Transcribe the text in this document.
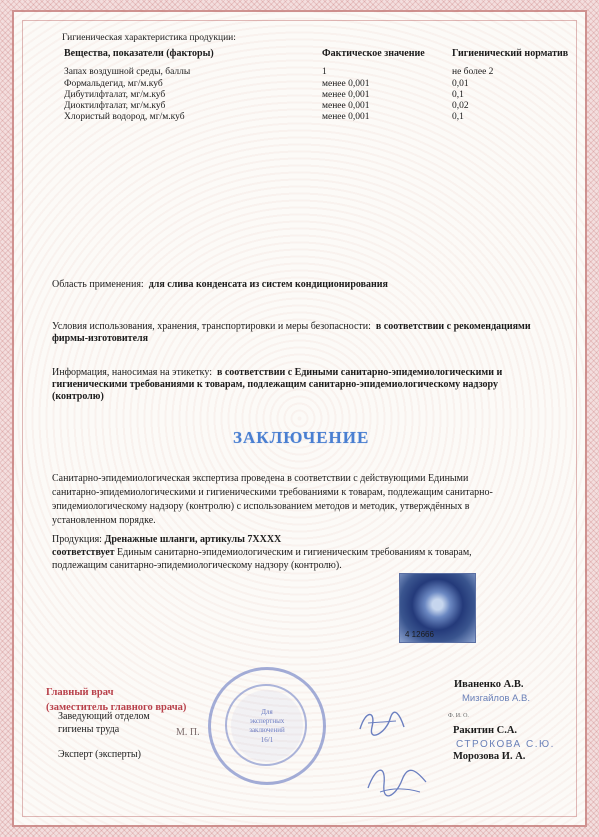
Гигиеническая характеристика продукции:
Вещества, показатели (факторы)	Фактическое значение	Гигиенический норматив
Запах воздушной среды, баллы	1	не более 2
Формальдегид, мг/м.куб	менее 0,001	0,01
Дибутилфталат, мг/м.куб	менее 0,001	0,1
Диоктилфталат, мг/м.куб	менее 0,001	0,02
Хлористый водород, мг/м.куб	менее 0,001	0,1
Область применения: для слива конденсата из систем кондиционирования
Условия использования, хранения, транспортировки и меры безопасности: в соответствии с рекомендациями
фирмы-изготовителя
Информация, наносимая на этикетку: в соответствии с Едиными санитарно-эпидемиологическими и
гигиеническими требованиями к товарам, подлежащим санитарно-эпидемиологическому надзору
(контролю)
ЗАКЛЮЧЕНИЕ
Санитарно-эпидемиологическая экспертиза проведена в соответствии с действующими Едиными
санитарно-эпидемиологическими и гигиеническими требованиями к товарам, подлежащим санитарно-
эпидемиологическому надзору (контролю) с использованием методов и методик, утверждённых в
установленном порядке.
Продукция: Дренажные шланги, артикулы 7XXXX
соответствует Единым санитарно-эпидемиологическим и гигиеническим требованиям к товарам,
подлежащим санитарно-эпидемиологическому надзору (контролю).
4 12666
Для
экспертных
заключений
16/1
Главный врач
(заместитель главного врача)
Заведующий отделом
гигиены труда	М. П.
Эксперт (эксперты)
Иваненко А.В.
Мизгайлов А.В.
Ф. И. О.
Ракитин С.А.
СТРОКОВА С.Ю.
Морозова И. А.
